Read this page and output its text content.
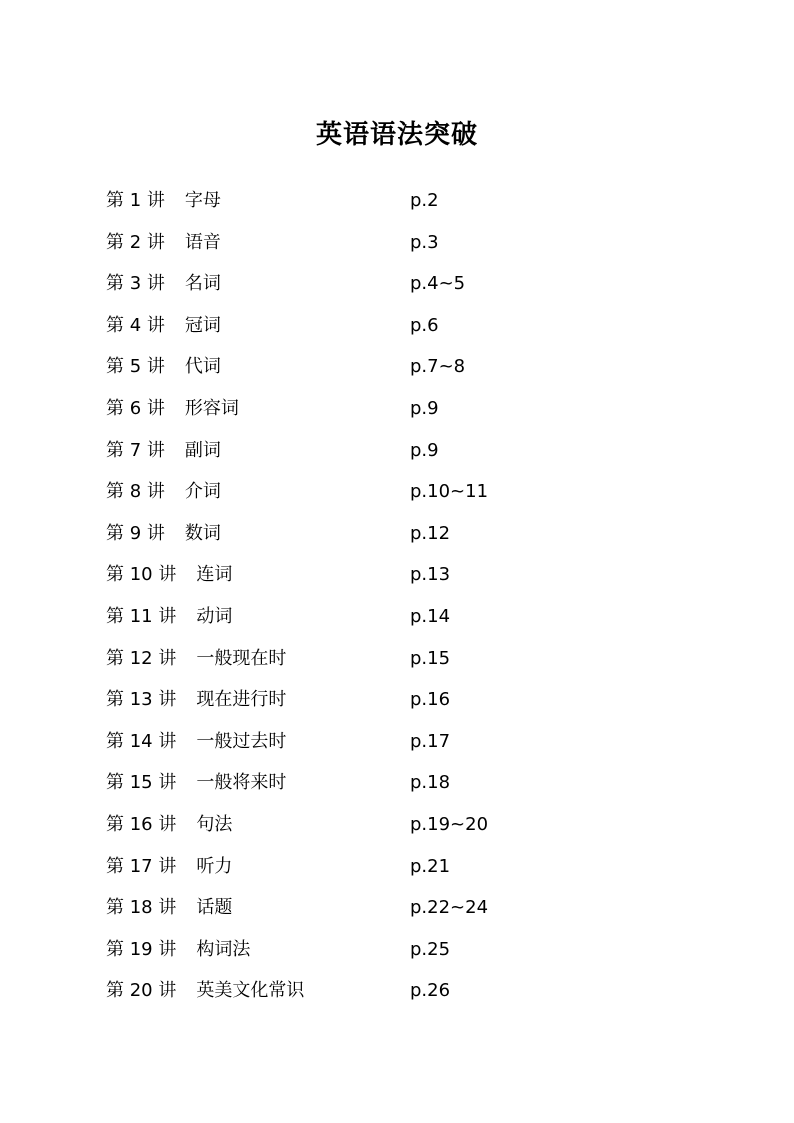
英语语法突破
第 1 讲 字母	p.2
第 2 讲 语音	p.3
第 3 讲 名词	p.4~5
第 4 讲 冠词	p.6
第 5 讲 代词	p.7~8
第 6 讲 形容词	p.9
第 7 讲 副词	p.9
第 8 讲 介词	p.10~11
第 9 讲 数词	p.12
第 10 讲 连词	p.13
第 11 讲 动词	p.14
第 12 讲 一般现在时	p.15
第 13 讲 现在进行时	p.16
第 14 讲 一般过去时	p.17
第 15 讲 一般将来时	p.18
第 16 讲 句法	p.19~20
第 17 讲 听力	p.21
第 18 讲 话题	p.22~24
第 19 讲 构词法	p.25
第 20 讲 英美文化常识	p.26
